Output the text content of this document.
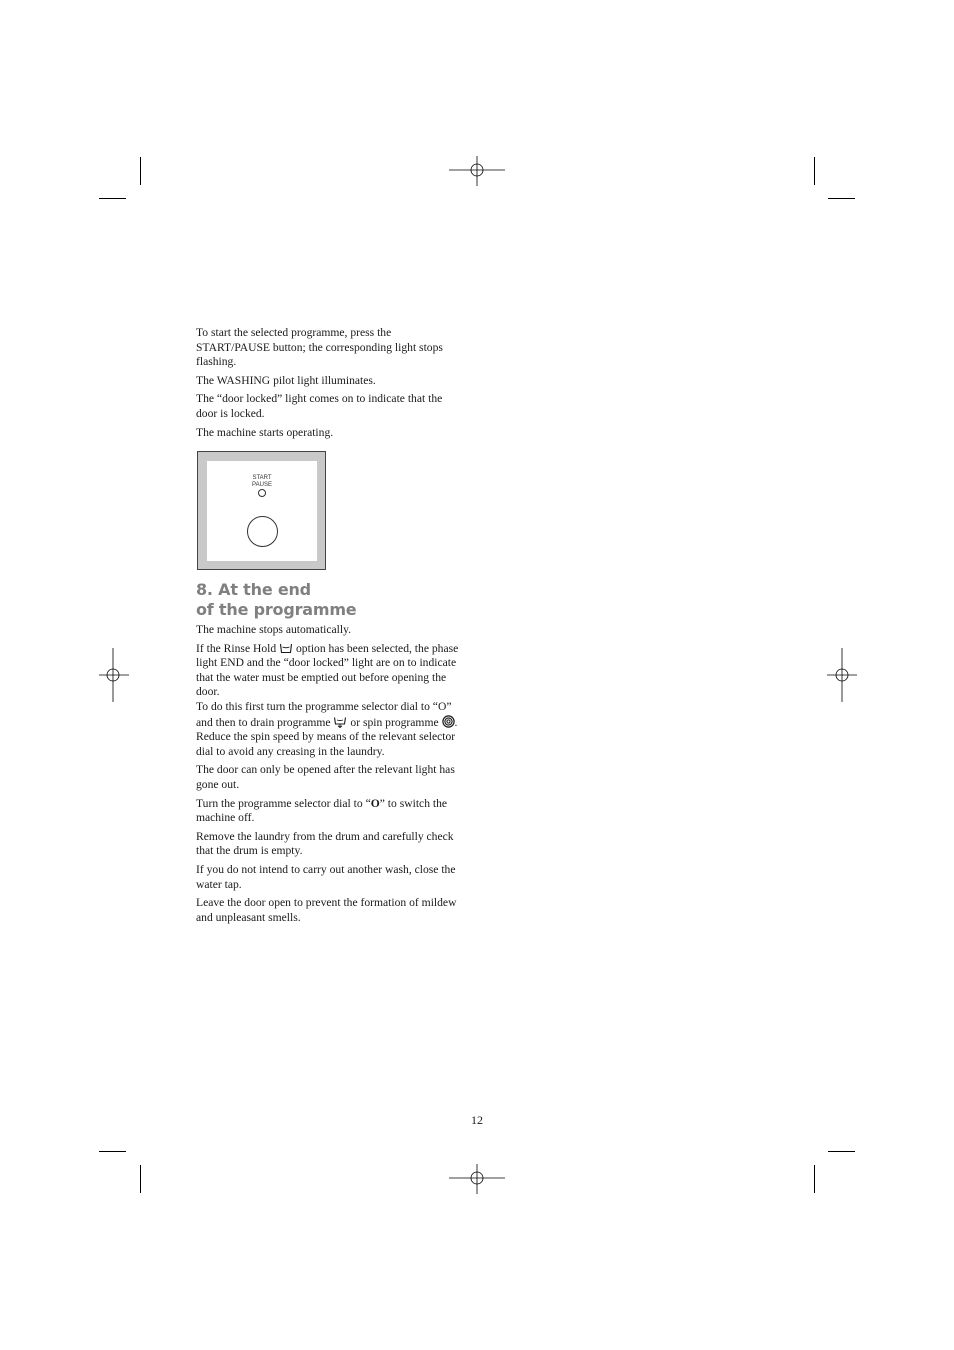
To start the selected programme, press the START/PAUSE button; the corresponding light stops flashing.

The WASHING pilot light illuminates.

The “door locked” light comes on to indicate that the door is locked.

The machine starts operating.

START
PAUSE
8. At the end
of the programme

The machine stops automatically.

If the Rinse Hold option has been selected, the phase light END and the “door locked” light are on to indicate that the water must be emptied out before opening the door.

To do this first turn the programme selector dial to “O” and then to drain programme or spin programme . Reduce the spin speed by means of the relevant selector dial to avoid any creasing in the laundry.

The door can only be opened after the relevant light has gone out.

Turn the programme selector dial to “O” to switch the machine off.

Remove the laundry from the drum and carefully check that the drum is empty.

If you do not intend to carry out another wash, close the water tap.

Leave the door open to prevent the formation of mildew and unpleasant smells.

12
